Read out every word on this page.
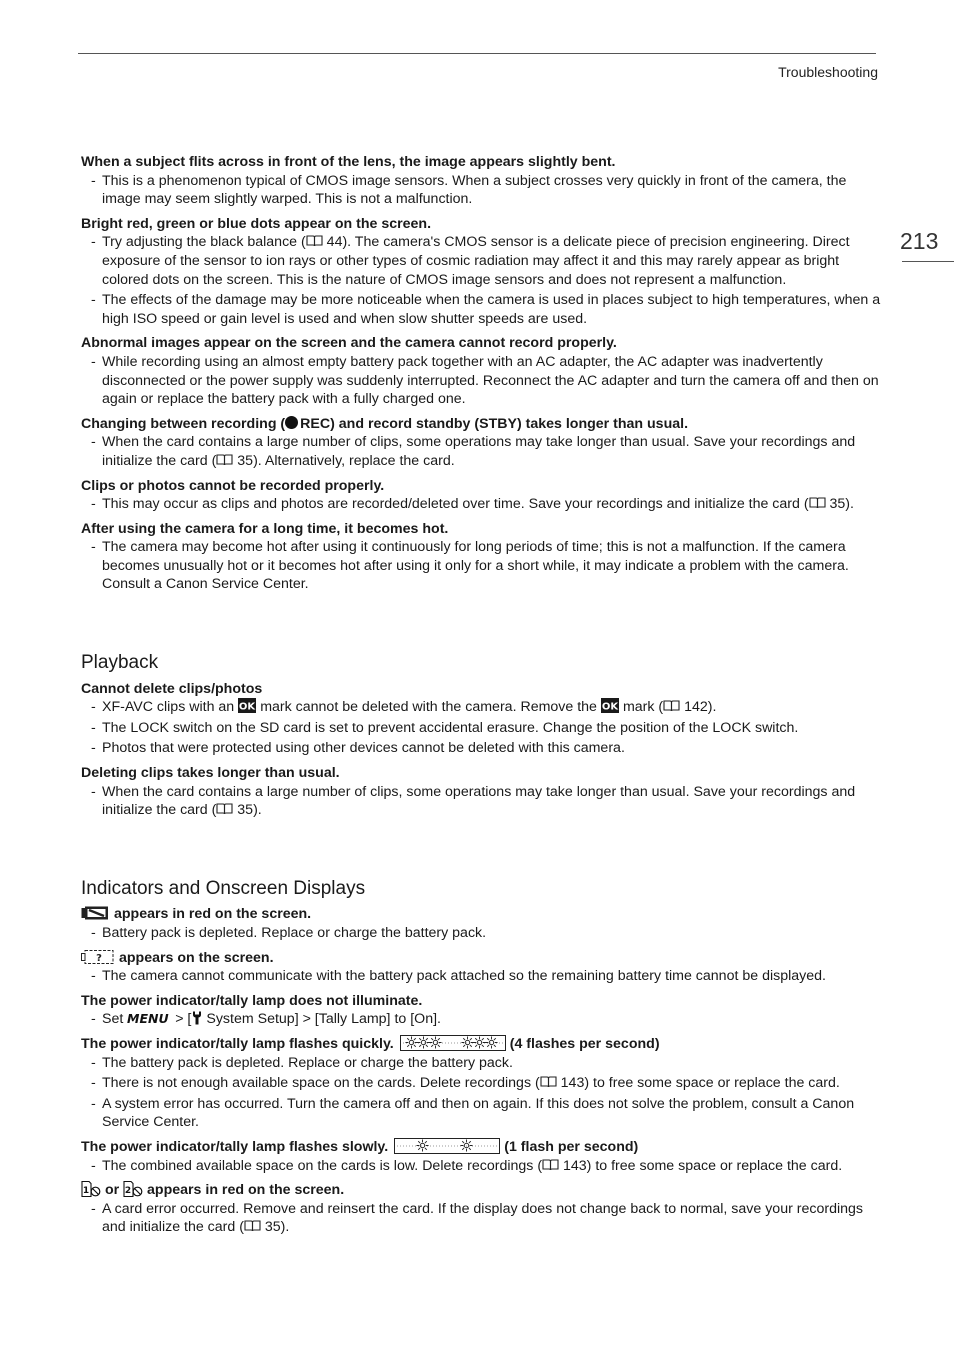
Troubleshooting
213

When a subject flits across in front of the lens, the image appears slightly bent.

- This is a phenomenon typical of CMOS image sensors. When a subject crosses very quickly in front of the camera, the image may seem slightly warped. This is not a malfunction.

Bright red, green or blue dots appear on the screen.

- Try adjusting the black balance ( 44). The camera's CMOS sensor is a delicate piece of precision engineering. Direct exposure of the sensor to ion rays or other types of cosmic radiation may affect it and this may rarely appear as bright colored dots on the screen. This is the nature of CMOS image sensors and does not represent a malfunction.
- The effects of the damage may be more noticeable when the camera is used in places subject to high temperatures, when a high ISO speed or gain level is used and when slow shutter speeds are used.

Abnormal images appear on the screen and the camera cannot record properly.

- While recording using an almost empty battery pack together with an AC adapter, the AC adapter was inadvertently disconnected or the power supply was suddenly interrupted. Reconnect the AC adapter and turn the camera off and then on again or replace the battery pack with a fully charged one.

Changing between recording ( REC) and record standby (STBY) takes longer than usual.

- When the card contains a large number of clips, some operations may take longer than usual. Save your recordings and initialize the card ( 35). Alternatively, replace the card.

Clips or photos cannot be recorded properly.

- This may occur as clips and photos are recorded/deleted over time. Save your recordings and initialize the card ( 35).

After using the camera for a long time, it becomes hot.

- The camera may become hot after using it continuously for long periods of time; this is not a malfunction. If the camera becomes unusually hot or it becomes hot after using it only for a short while, it may indicate a problem with the camera. Consult a Canon Service Center.
Playback

Cannot delete clips/photos

- XF-AVC clips with an mark cannot be deleted with the camera. Remove the mark ( 142).
- The LOCK switch on the SD card is set to prevent accidental erasure. Change the position of the LOCK switch.
- Photos that were protected using other devices cannot be deleted with this camera.

Deleting clips takes longer than usual.

- When the card contains a large number of clips, some operations may take longer than usual. Save your recordings and initialize the card ( 35).
Indicators and Onscreen Displays

appears in red on the screen.

- Battery pack is depleted. Replace or charge the battery pack.

? appears on the screen.

- The camera cannot communicate with the battery pack attached so the remaining battery time cannot be displayed.

The power indicator/tally lamp does not illuminate.

- Set MENU > [ System Setup] > [Tally Lamp] to [On].

The power indicator/tally lamp flashes quickly.	(4 flashes per second)

- The battery pack is depleted. Replace or charge the battery pack.
- There is not enough available space on the cards. Delete recordings ( 143) to free some space or replace the card.
- A system error has occurred. Turn the camera off and then on again. If this does not solve the problem, consult a Canon Service Center.

The power indicator/tally lamp flashes slowly.	(1 flash per second)

- The combined available space on the cards is low. Delete recordings ( 143) to free some space or replace the card.

1 or 2 appears in red on the screen.

- A card error occurred. Remove and reinsert the card. If the display does not change back to normal, save your recordings and initialize the card ( 35).
